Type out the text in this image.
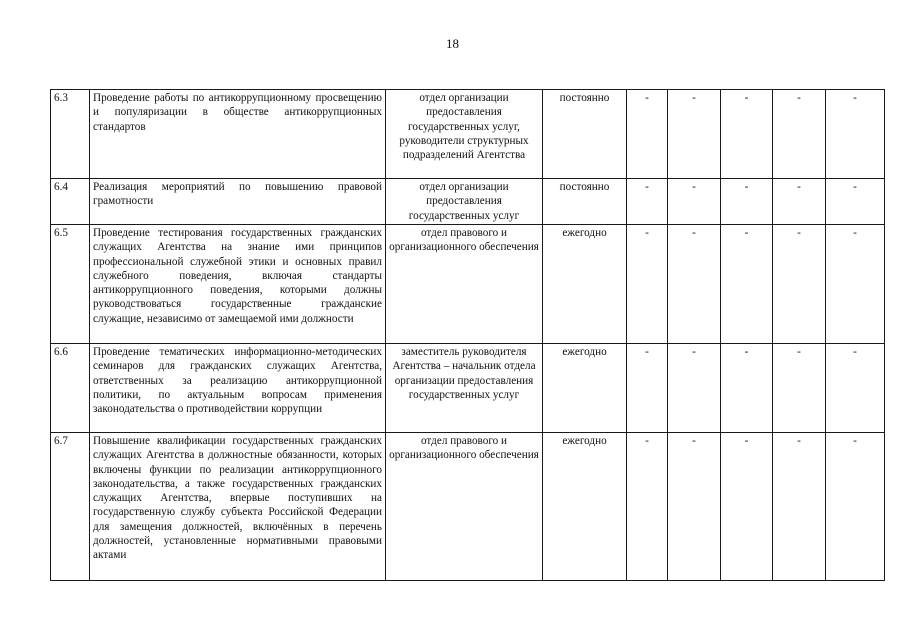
18
6.3	Проведение работы по антикоррупционному просвещению и популяризации в обществе антикоррупционных стандартов	отдел организации предоставления государственных услуг, руководители структурных подразделений Агентства	постоянно	-	-	-	-	-
6.4	Реализация мероприятий по повышению правовой грамотности	отдел организации предоставления государственных услуг	постоянно	-	-	-	-	-
6.5	Проведение тестирования государственных гражданских служащих Агентства на знание ими принципов профессиональной служебной этики и основных правил служебного поведения, включая стандарты антикоррупционного поведения, которыми должны руководствоваться государственные гражданские служащие, независимо от замещаемой ими должности	отдел правового и организационного обеспечения	ежегодно	-	-	-	-	-
6.6	Проведение тематических информационно-методических семинаров для гражданских служащих Агентства, ответственных за реализацию антикоррупционной политики, по актуальным вопросам применения законодательства о противодействии коррупции	заместитель руководителя Агентства – начальник отдела организации предоставления государственных услуг	ежегодно	-	-	-	-	-
6.7	Повышение квалификации государственных гражданских служащих Агентства в должностные обязанности, которых включены функции по реализации антикоррупционного законодательства, а также государственных гражданских служащих Агентства, впервые поступивших на государственную службу субъекта Российской Федерации для замещения должностей, включённых в перечень должностей, установленные нормативными правовыми актами	отдел правового и организационного обеспечения	ежегодно	-	-	-	-	-
